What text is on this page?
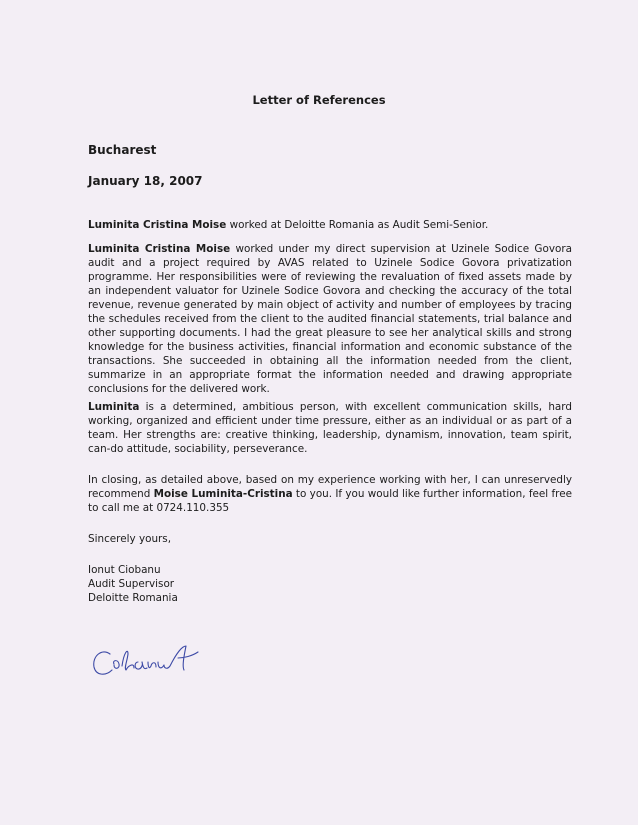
Letter of References
Bucharest
January 18, 2007

Luminita Cristina Moise worked at Deloitte Romania as Audit Semi-Senior.

Luminita Cristina Moise worked under my direct supervision at Uzinele Sodice Govora audit and a project required by AVAS related to Uzinele Sodice Govora privatization programme. Her responsibilities were of reviewing the revaluation of fixed assets made by an independent valuator for Uzinele Sodice Govora and checking the accuracy of the total revenue, revenue generated by main object of activity and number of employees by tracing the schedules received from the client to the audited financial statements, trial balance and other supporting documents. I had the great pleasure to see her analytical skills and strong knowledge for the business activities, financial information and economic substance of the transactions. She succeeded in obtaining all the information needed from the client, summarize in an appropriate format the information needed and drawing appropriate conclusions for the delivered work.

Luminita is a determined, ambitious person, with excellent communication skills, hard working, organized and efficient under time pressure, either as an individual or as part of a team. Her strengths are: creative thinking, leadership, dynamism, innovation, team spirit, can-do attitude, sociability, perseverance.

In closing, as detailed above, based on my experience working with her, I can unreservedly recommend Moise Luminita-Cristina to you. If you would like further information, feel free to call me at 0724.110.355

Sincerely yours,

Ionut Ciobanu

Audit Supervisor

Deloitte Romania
